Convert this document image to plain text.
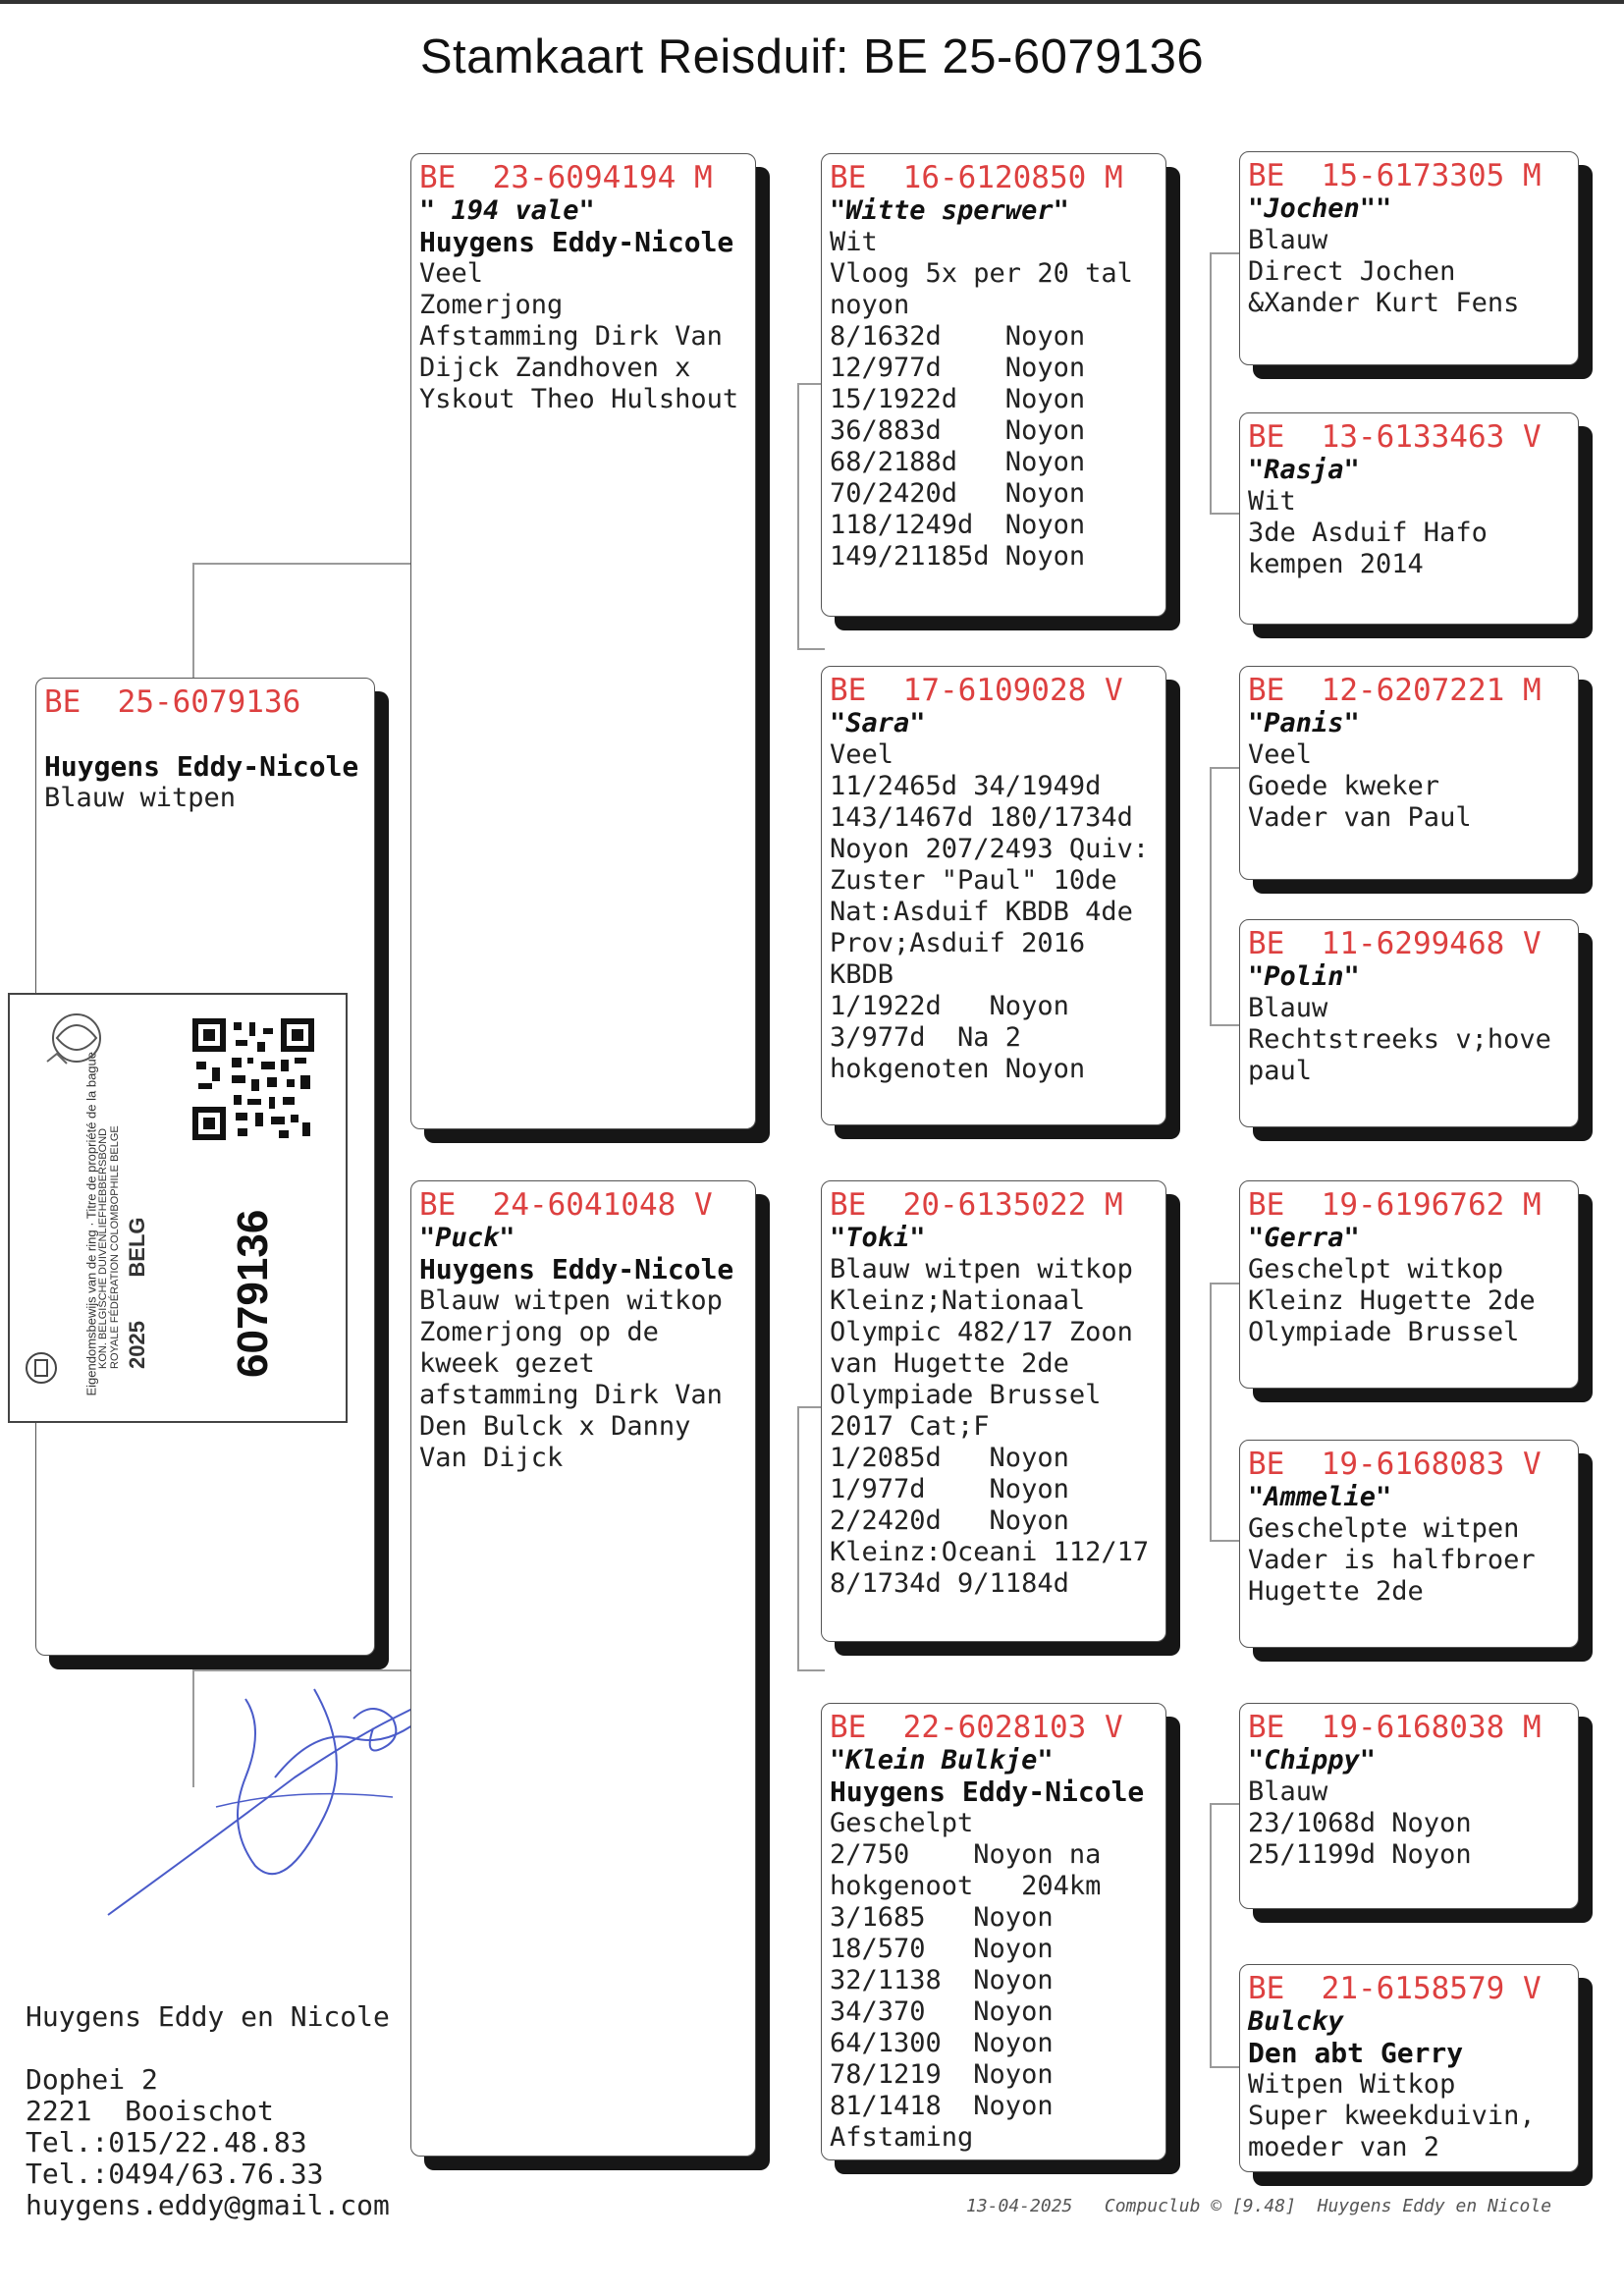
Stamkaart Reisduif: BE 25-6079136
BE  25-6079136
Huygens Eddy-Nicole
Blauw witpen
KON. BELGISCHE DUIVENLIEFHEBBERSBOND ROYALE FÉDÉRATION COLOMBOPHILE BELGE 2025 BELG
Eigendomsbewijs van de ring · Titre de propriété de la bague	6079136
BE  23-6094194 M
" 194 vale"
Huygens Eddy-Nicole
Veel
Zomerjong
Afstamming Dirk Van
Dijck Zandhoven x
Yskout Theo Hulshout
BE  24-6041048 V
"Puck"
Huygens Eddy-Nicole
Blauw witpen witkop
Zomerjong op de
kweek gezet
afstamming Dirk Van
Den Bulck x Danny
Van Dijck
BE  16-6120850 M
"Witte sperwer"
Wit
Vloog 5x per 20 tal
noyon
8/1632d    Noyon
12/977d    Noyon
15/1922d   Noyon
36/883d    Noyon
68/2188d   Noyon
70/2420d   Noyon
118/1249d  Noyon
149/21185d Noyon
BE  17-6109028 V
"Sara"
Veel
11/2465d 34/1949d
143/1467d 180/1734d
Noyon 207/2493 Quiv:
Zuster "Paul" 10de
Nat:Asduif KBDB 4de
Prov;Asduif 2016
KBDB
1/1922d   Noyon
3/977d  Na 2
hokgenoten Noyon
BE  20-6135022 M
"Toki"
Blauw witpen witkop
Kleinz;Nationaal
Olympic 482/17 Zoon
van Hugette 2de
Olympiade Brussel
2017 Cat;F
1/2085d   Noyon
1/977d    Noyon
2/2420d   Noyon
Kleinz:Oceani 112/17
8/1734d 9/1184d
BE  22-6028103 V
"Klein Bulkje"
Huygens Eddy-Nicole
Geschelpt
2/750    Noyon na
hokgenoot   204km
3/1685   Noyon
18/570   Noyon
32/1138  Noyon
34/370   Noyon
64/1300  Noyon
78/1219  Noyon
81/1418  Noyon
Afstaming
BE  15-6173305 M
"Jochen""
Blauw
Direct Jochen
&Xander Kurt Fens
BE  13-6133463 V
"Rasja"
Wit
3de Asduif Hafo
kempen 2014
BE  12-6207221 M
"Panis"
Veel
Goede kweker
Vader van Paul
BE  11-6299468 V
"Polin"
Blauw
Rechtstreeks v;hove
paul
BE  19-6196762 M
"Gerra"
Geschelpt witkop
Kleinz Hugette 2de
Olympiade Brussel
BE  19-6168083 V
"Ammelie"
Geschelpte witpen
Vader is halfbroer
Hugette 2de
BE  19-6168038 M
"Chippy"
Blauw
23/1068d Noyon
25/1199d Noyon
BE  21-6158579 V
Bulcky
Den abt Gerry
Witpen Witkop
Super kweekduivin,
moeder van 2
Huygens Eddy en Nicole
Dophei 2
2221  Booischot
Tel.:015/22.48.83
Tel.:0494/63.76.33
huygens.eddy@gmail.com	13-04-2025   Compuclub © [9.48]  Huygens Eddy en Nicole
